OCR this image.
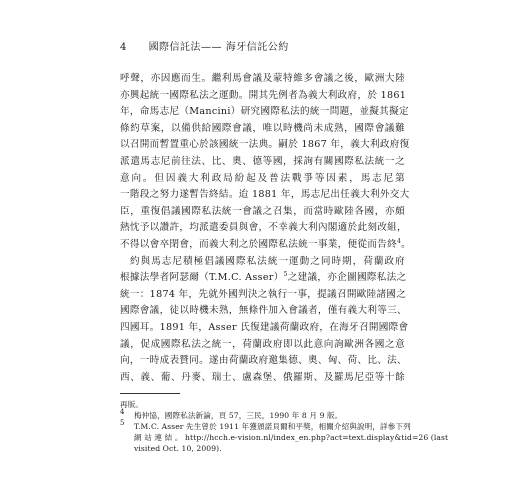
4 國際信託法—— 海牙信託公約
呼聲，亦因應而生。繼利馬會議及蒙特維多會議之後，歐洲大陸
亦興起統一國際私法之運動。開其先例者為義大利政府，於 1861
年，命馬志尼（Mancini）研究國際私法的統一問題，並擬其擬定
條約草案，以備供給國際會議，唯以時機尚未成熟，國際會議難
以召開而暫置重心於該國統一法典。嗣於 1867 年，義大利政府復
派遣馬志尼前往法、比、奧、德等國，採詢有關國際私法統一之
意向。但因義大利政局紛起及普法戰爭等因素，馬志尼第
一階段之努力遂暫告終結。迨 1881 年，馬志尼出任義大利外交大
臣，重復倡議國際私法統一會議之召集，而當時歐陸各國，亦頗
熱忱予以讚許，均派遣委員與會，不幸義大利內閣適於此刻改組，
不得以會卒閉會，而義大利之於國際私法統一事業，便從而告終$^4$。
約與馬志尼積極倡議國際私法統一運動之同時期，荷蘭政府
根據法學者阿瑟爾（T.M.C. Asser）$^5$之建議，亦企圖國際私法之
統一：1874 年，先就外國判決之執行一事，提議召開歐陸諸國之
國際會議，徒以時機未熟，無條件加入會議者，僅有義大利等三、
四國耳。1891 年，Asser 氏復建議荷蘭政府，在海牙召開國際會
議，促成國際私法之統一，荷蘭政府即以此意向詢歐洲各國之意
向，一時成表贊同。遂由荷蘭政府邀集德、奧、匈、荷、比、法、
西、義、葡、丹麥、瑞士、盧森堡、俄羅斯、及羅馬尼亞等十餘
再版。
4 梅仲協，國際私法新論，頁 57，三民，1990 年 8 月 9 版。
5 T.M.C. Asser 先生曾於 1911 年獲頒諾貝爾和平獎，相關介紹與說明，詳參下列
網 站 連 結 。 http://hcch.e-vision.nl/index_en.php?act=text.display&tid=26 (last
visited Oct. 10, 2009).
